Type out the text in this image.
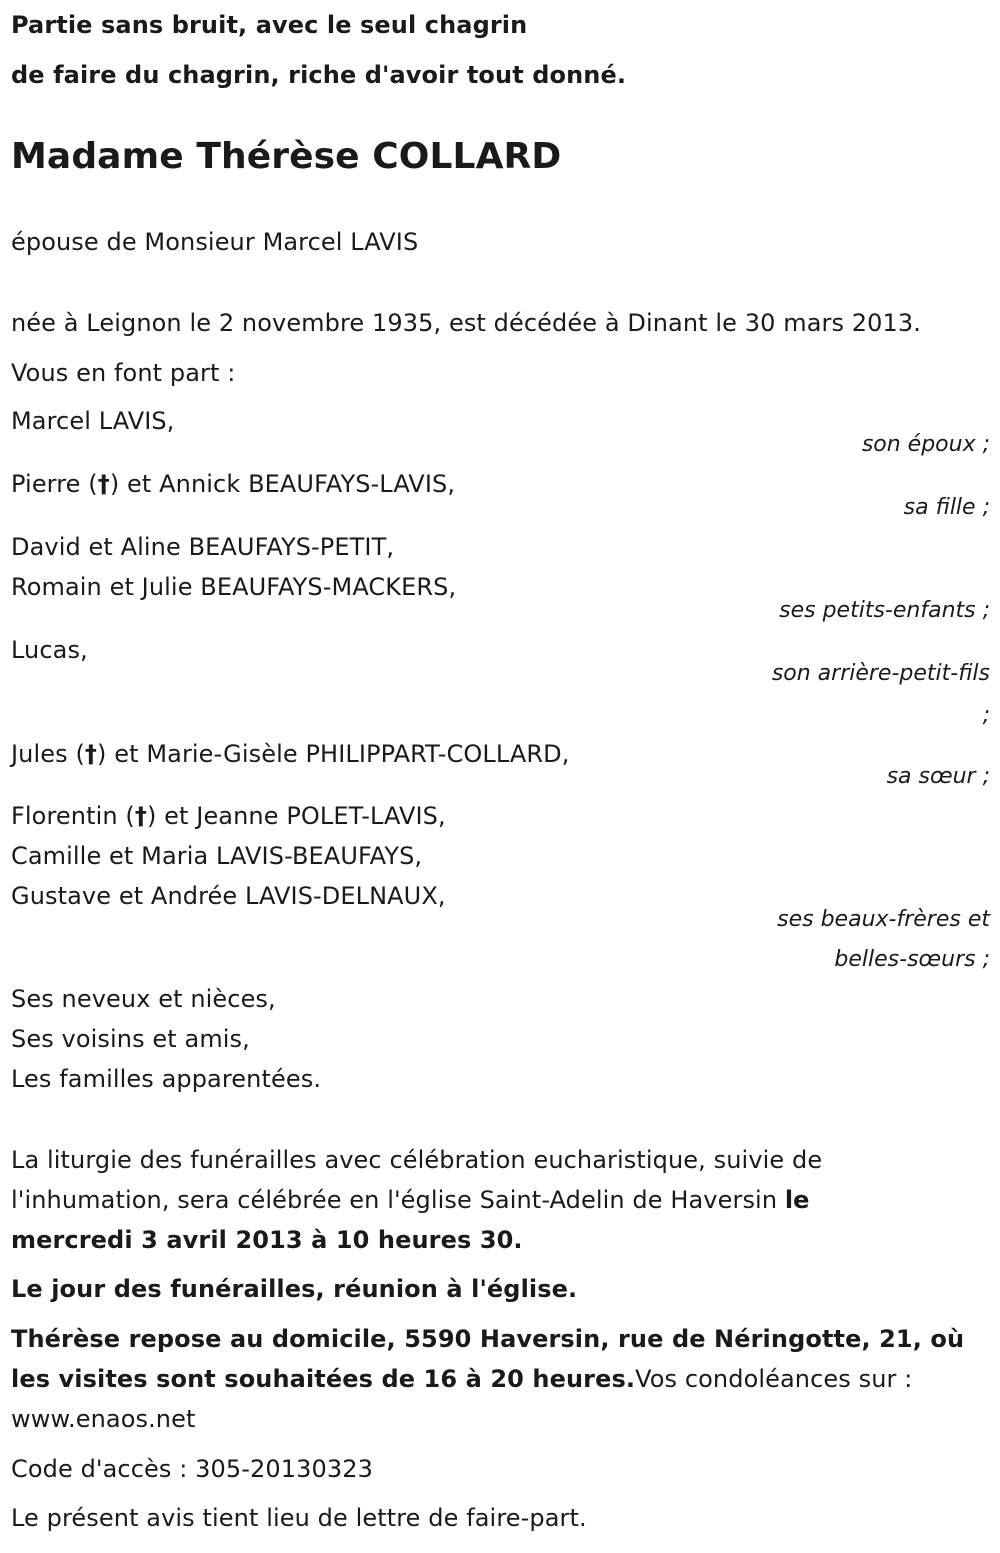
Partie sans bruit, avec le seul chagrin
de faire du chagrin, riche d'avoir tout donné.
Madame Thérèse COLLARD
épouse de Monsieur Marcel LAVIS
née à Leignon le 2 novembre 1935, est décédée à Dinant le 30 mars 2013.
Vous en font part :
Marcel LAVIS,
son époux ;
Pierre (†) et Annick BEAUFAYS-LAVIS,
sa fille ;
David et Aline BEAUFAYS-PETIT,
Romain et Julie BEAUFAYS-MACKERS,
ses petits-enfants ;
Lucas,
son arrière-petit-fils
;
Jules (†) et Marie-Gisèle PHILIPPART-COLLARD,
sa sœur ;
Florentin (†) et Jeanne POLET-LAVIS,
Camille et Maria LAVIS-BEAUFAYS,
Gustave et Andrée LAVIS-DELNAUX,
ses beaux-frères et
belles-sœurs ;
Ses neveux et nièces,
Ses voisins et amis,
Les familles apparentées.
La liturgie des funérailles avec célébration eucharistique, suivie de
l'inhumation, sera célébrée en l'église Saint-Adelin de Haversin le
mercredi 3 avril 2013 à 10 heures 30.
Le jour des funérailles, réunion à l'église.
Thérèse repose au domicile, 5590 Haversin, rue de Néringotte, 21, où
les visites sont souhaitées de 16 à 20 heures.Vos condoléances sur :
www.enaos.net
Code d'accès : 305-20130323
Le présent avis tient lieu de lettre de faire-part.
